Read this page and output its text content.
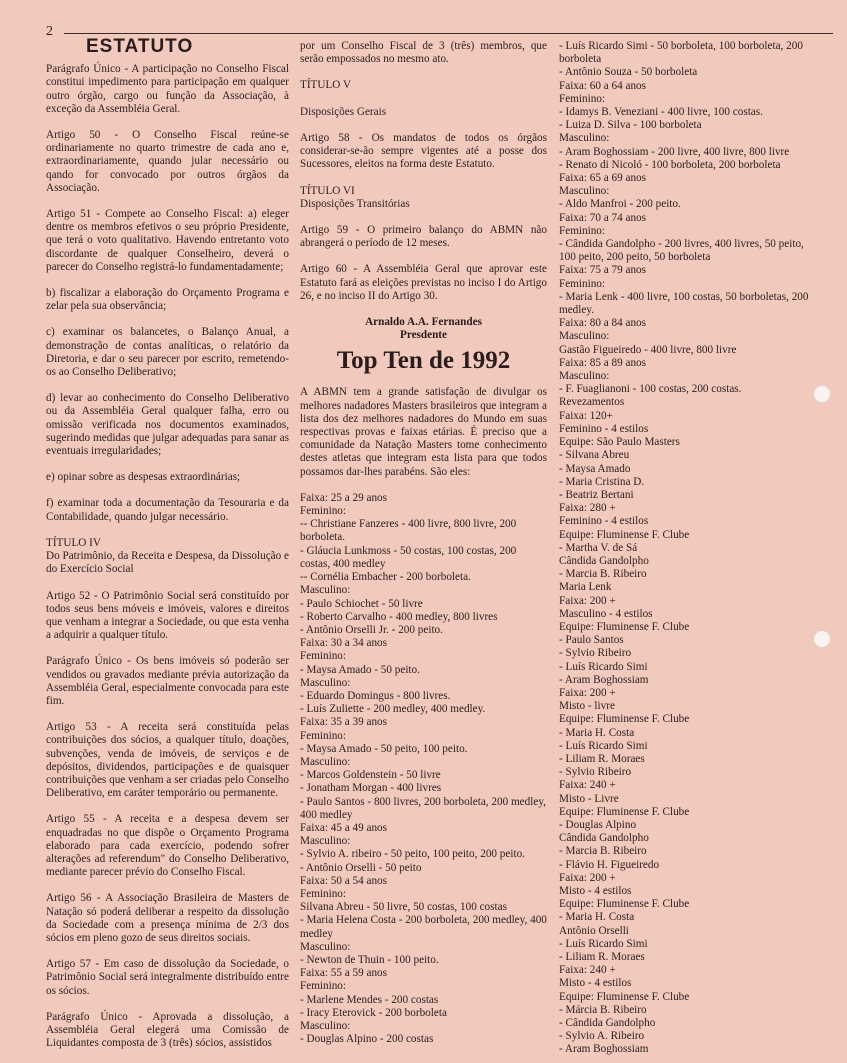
2
ESTATUTO
Parágrafo Único - A participação no Conselho Fiscal constitui impedimento para participação em qualquer outro órgão, cargo ou função da Associação, à exceção da Assembléia Geral.
Artigo 50 - O Conselho Fiscal reúne-se ordinariamente no quarto trimestre de cada ano e, extraordinariamente, quando jular necessário ou qando for convocado por outros órgãos da Associação.
Artigo 51 - Compete ao Conselho Fiscal: a) eleger dentre os membros efetivos o seu próprio Presidente, que terá o voto qualitativo. Havendo entretanto voto discordante de qualquer Conselheiro, deverá o parecer do Conselho registrá-lo fundamentadamente;
b) fiscalizar a elaboração do Orçamento Programa e zelar pela sua observância;
c) examinar os balancetes, o Balanço Anual, a demonstração de contas analíticas, o relatório da Diretoria, e dar o seu parecer por escrito, remetendo-os ao Conselho Deliberativo;
d) levar ao conhecimento do Conselho Deliberativo ou da Assembléia Geral qualquer falha, erro ou omissão verificada nos documentos examinados, sugerindo medidas que julgar adequadas para sanar as eventuais irregularidades;
e) opinar sobre as despesas extraordinárias;
f) examinar toda a documentação da Tesouraria e da Contabilidade, quando julgar necessário.
TÍTULO IV
Do Patrimônio, da Receita e Despesa, da Dissolução e do Exercício Social
Artigo 52 - O Patrimônio Social será constituído por todos seus bens móveis e imóveis, valores e direitos que venham a integrar a Sociedade, ou que esta venha a adquirir a qualquer título.
Parágrafo Único - Os bens imóveis só poderão ser vendidos ou gravados mediante prévia autorização da Assembléia Geral, especialmente convocada para este fim.
Artigo 53 - A receita será constituída pelas contribuições dos sócios, a qualquer título, doações, subvenções, venda de imóveis, de serviços e de depósitos, dividendos, participações e de quaisquer contribuições que venham a ser criadas pelo Conselho Deliberativo, em caráter temporário ou permanente.
Artigo 55 - A receita e a despesa devem ser enquadradas no que dispõe o Orçamento Programa elaborado para cada exercício, podendo sofrer alterações ad referendum" do Conselho Deliberativo, mediante parecer prévio do Conselho Fiscal.
Artigo 56 - A Associação Brasileira de Masters de Natação só poderá deliberar a respeito da dissolução da Sociedade com a presença mínima de 2/3 dos sócios em pleno gozo de seus direitos sociais.
Artigo 57 - Em caso de dissolução da Sociedade, o Patrimônio Social será integralmente distribuído entre os sócios.
Parágrafo Único - Aprovada a dissolução, a Assembléia Geral elegerá uma Comissão de Liquidantes composta de 3 (três) sócios, assistidos
por um Conselho Fiscal de 3 (três) membros, que serão empossados no mesmo ato.
TÍTULO V

Disposições Gerais
Artigo 58 - Os mandatos de todos os órgãos considerar-se-ão sempre vigentes até a posse dos Sucessores, eleitos na forma deste Estatuto.
TÍTULO VI
Disposições Transitórias
Artigo 59 - O primeiro balanço do ABMN não abrangerá o período de 12 meses.
Artigo 60 - A Assembléia Geral que aprovar este Estatuto fará as eleições previstas no inciso I do Artigo 26, e no inciso II do Artigo 30.
Arnaldo A.A. Fernandes
Presdente
Top Ten de 1992
A ABMN tem a grande satisfação de divulgar os melhores nadadores Masters brasileiros que integram a lista dos dez melhores nadadores do Mundo em suas respectivas provas e faixas etárias. É preciso que a comunidade da Natação Masters tome conhecimento destes atletas que integram esta lista para que todos possamos dar-lhes parabéns. São eles:
Faixa: 25 a 29 anos
Feminino:
-- Christiane Fanzeres - 400 livre, 800 livre, 200 borboleta.
- Gláucia Lunkmoss - 50 costas, 100 costas, 200 costas, 400 medley
-- Cornélia Embacher - 200 borboleta.
Masculino:
- Paulo Schiochet - 50 livre
- Roberto Carvalho - 400 medley, 800 livres
- Antônio Orselli Jr. - 200 peito.
Faixa: 30 a 34 anos
Feminino:
- Maysa Amado - 50 peito.
Masculino:
- Eduardo Domingus - 800 livres.
- Luís Zuliette - 200 medley, 400 medley.
Faixa: 35 a 39 anos
Feminino:
- Maysa Amado - 50 peito, 100 peito.
Masculino:
- Marcos Goldenstein - 50 livre
- Jonatham Morgan - 400 livres
- Paulo Santos - 800 livres, 200 borboleta, 200 medley, 400 medley
Faixa: 45 a 49 anos
Masculino:
- Sylvio A. ribeiro - 50 peito, 100 peito, 200 peito.
- Antônio Orselli - 50 peito
Faixa: 50 a 54 anos
Feminino:
Silvana Abreu - 50 livre, 50 costas, 100 costas
- Maria Helena Costa - 200 borboleta, 200 medley, 400 medley
Masculino:
- Newton de Thuin - 100 peito.
Faixa: 55 a 59 anos
Feminino:
- Marlene Mendes - 200 costas
- Iracy Eterovick - 200 borboleta
Masculino:
- Douglas Alpino - 200 costas
- Luís Ricardo Simi - 50 borboleta, 100 borboleta, 200 borboleta
- Antônio Souza - 50 borboleta
Faixa: 60 a 64 anos
Feminino:
- Idamys B. Veneziani - 400 livre, 100 costas.
- Luiza D. Silva - 100 borboleta
Masculino:
- Aram Boghossiam - 200 livre, 400 livre, 800 livre
- Renato di Nicoló - 100 borboleta, 200 borboleta
Faixa: 65 a 69 anos
Masculino:
- Aldo Manfroi - 200 peito.
Faixa: 70 a 74 anos
Feminino:
- Cândida Gandolpho - 200 livres, 400 livres, 50 peito, 100 peito, 200 peito, 50 borboleta
Faixa: 75 a 79 anos
Feminino:
- Maria Lenk - 400 livre, 100 costas, 50 borboletas, 200 medley.
Faixa: 80 a 84 anos
Masculino:
Gastão Figueiredo - 400 livre, 800 livre
Faixa: 85 a 89 anos
Masculino:
- F. Fuaglianoni - 100 costas, 200 costas.
Revezamentos
Faixa: 120+
Feminino - 4 estilos
Equipe: São Paulo Masters
- Silvana Abreu
- Maysa Amado
- Maria Cristina D.
- Beatriz Bertani
Faixa: 280 +
Feminino - 4 estilos
Equipe: Fluminense F. Clube
- Martha V. de Sá
Cândida Gandolpho
- Marcia B. Ribeiro
Maria Lenk
Faixa: 200 +
Masculino - 4 estilos
Equipe: Fluminense F. Clube
- Paulo Santos
- Sylvio Ribeiro
- Luís Ricardo Simi
- Aram Boghossiam
Faixa: 200 +
Misto - livre
Equipe: Fluminense F. Clube
- Maria H. Costa
- Luís Ricardo Simi
- Liliam R. Moraes
- Sylvio Ribeiro
Faixa: 240 +
Misto - Livre
Equipe: Fluminense F. Clube
- Douglas Alpino
Cândida Gandolpho
- Marcia B. Ribeiro
- Flávio H. Figueiredo
Faixa: 200 +
Misto - 4 estilos
Equipe: Fluminense F. Clube
- Maria H. Costa
Antônio Orselli
- Luís Ricardo Simi
- Liliam R. Moraes
Faixa: 240 +
Misto - 4 estilos
Equipe: Fluminense F. Clube
- Márcia B. Ribeiro
- Cândida Gandolpho
- Sylvio A. Ribeiro
- Aram Boghossiam
